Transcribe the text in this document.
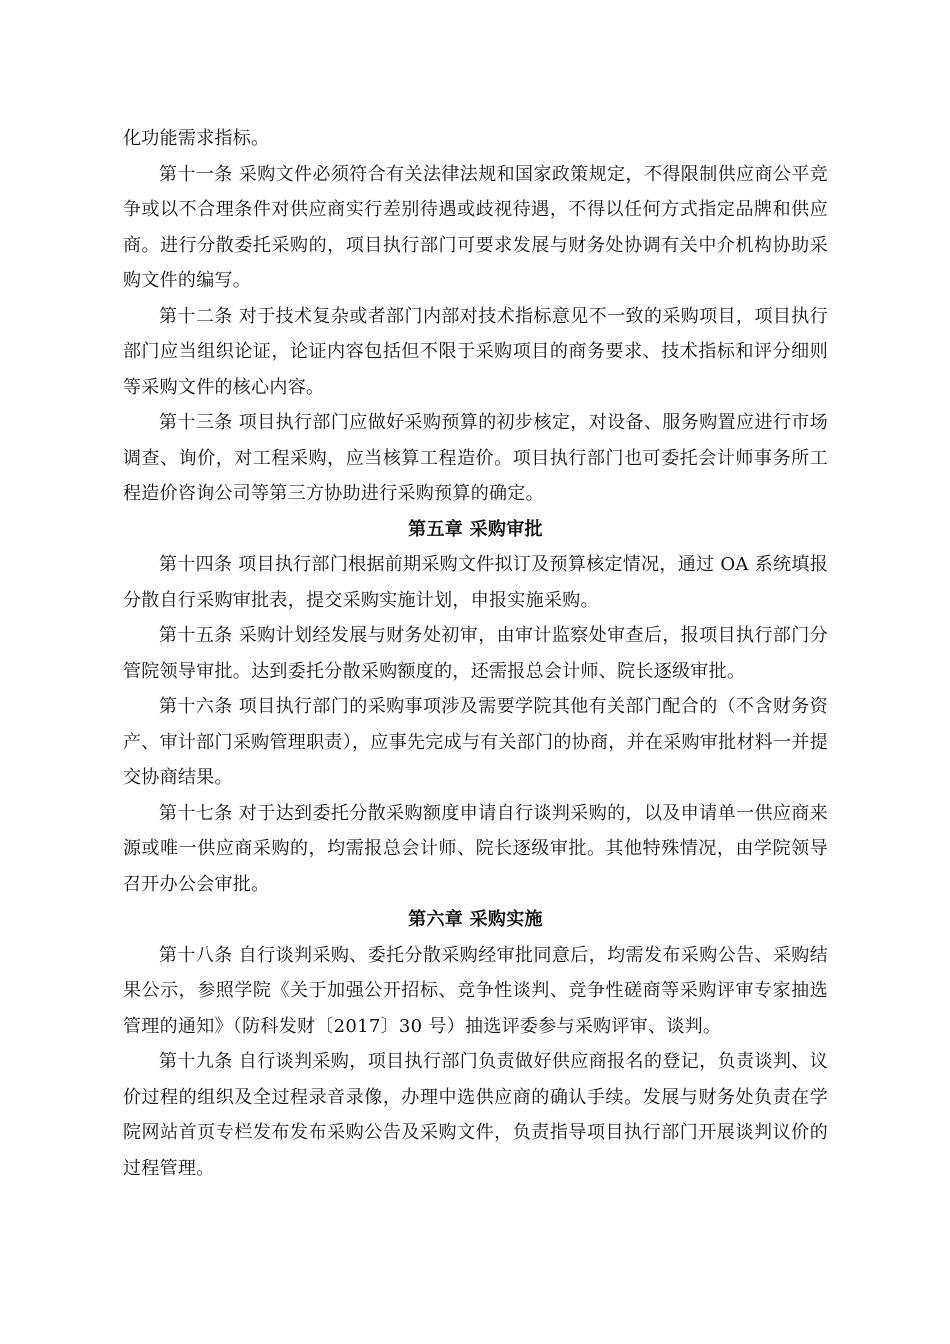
化功能需求指标。

第十一条 采购文件必须符合有关法律法规和国家政策规定，不得限制供应商公平竞争或以不合理条件对供应商实行差别待遇或歧视待遇，不得以任何方式指定品牌和供应商。进行分散委托采购的，项目执行部门可要求发展与财务处协调有关中介机构协助采购文件的编写。

第十二条 对于技术复杂或者部门内部对技术指标意见不一致的采购项目，项目执行部门应当组织论证，论证内容包括但不限于采购项目的商务要求、技术指标和评分细则等采购文件的核心内容。

第十三条 项目执行部门应做好采购预算的初步核定，对设备、服务购置应进行市场调查、询价，对工程采购，应当核算工程造价。项目执行部门也可委托会计师事务所工程造价咨询公司等第三方协助进行采购预算的确定。

第五章 采购审批

第十四条 项目执行部门根据前期采购文件拟订及预算核定情况，通过 OA 系统填报分散自行采购审批表，提交采购实施计划，申报实施采购。

第十五条 采购计划经发展与财务处初审，由审计监察处审查后，报项目执行部门分管院领导审批。达到委托分散采购额度的，还需报总会计师、院长逐级审批。

第十六条 项目执行部门的采购事项涉及需要学院其他有关部门配合的（不含财务资产、审计部门采购管理职责），应事先完成与有关部门的协商，并在采购审批材料一并提交协商结果。

第十七条 对于达到委托分散采购额度申请自行谈判采购的，以及申请单一供应商来源或唯一供应商采购的，均需报总会计师、院长逐级审批。其他特殊情况，由学院领导召开办公会审批。

第六章 采购实施

第十八条 自行谈判采购、委托分散采购经审批同意后，均需发布采购公告、采购结果公示，参照学院《关于加强公开招标、竞争性谈判、竞争性磋商等采购评审专家抽选管理的通知》（防科发财〔2017〕30 号）抽选评委参与采购评审、谈判。

第十九条 自行谈判采购，项目执行部门负责做好供应商报名的登记，负责谈判、议价过程的组织及全过程录音录像，办理中选供应商的确认手续。发展与财务处负责在学院网站首页专栏发布发布采购公告及采购文件，负责指导项目执行部门开展谈判议价的过程管理。
